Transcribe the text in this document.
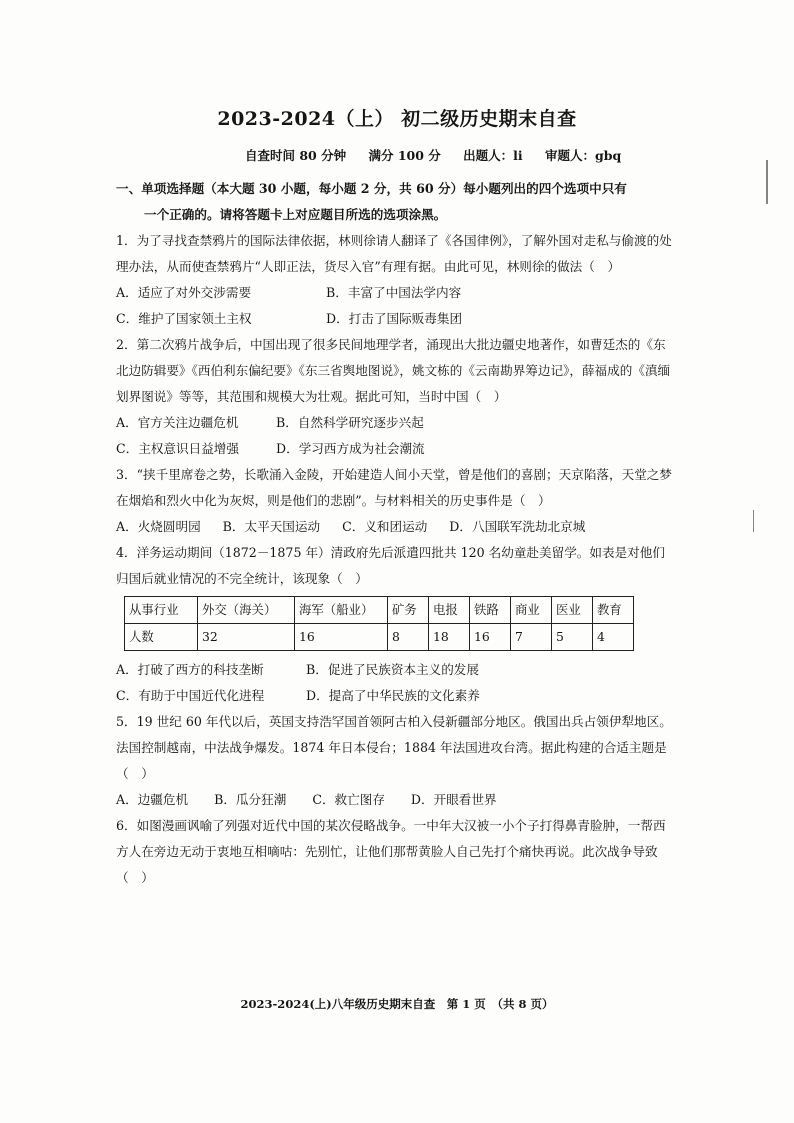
2023-2024（上） 初二级历史期末自查
自查时间 80 分钟 满分 100 分 出题人：li 审题人：gbq
一、单项选择题（本大题 30 小题，每小题 2 分，共 60 分）每小题列出的四个选项中只有
一个正确的。请将答题卡上对应题目所选的选项涂黑。

1．为了寻找查禁鸦片的国际法律依据，林则徐请人翻译了《各国律例》，了解外国对走私与偷渡的处理办法，从而使查禁鸦片“人即正法，货尽入官”有理有据。由此可见，林则徐的做法（　）

A．适应了对外交涉需要	B．丰富了中国法学内容
C．维护了国家领土主权	D．打击了国际贩毒集团

2．第二次鸦片战争后，中国出现了很多民间地理学者，涌现出大批边疆史地著作，如曹廷杰的《东北边防辑要》《西伯利东偏纪要》《东三省舆地图说》，姚文栋的《云南勘界筹边记》，薛福成的《滇缅划界图说》等等，其范围和规模大为壮观。据此可知，当时中国（　）

A．官方关注边疆危机	B．自然科学研究逐步兴起
C．主权意识日益增强	D．学习西方成为社会潮流

3．“挟千里席卷之势，长歌涌入金陵，开始建造人间小天堂，曾是他们的喜剧；天京陷落，天堂之梦在烟焰和烈火中化为灰烬，则是他们的悲剧”。与材料相关的历史事件是（　）

A．火烧圆明园 B．太平天国运动 C．义和团运动 D．八国联军洗劫北京城

4．洋务运动期间（1872－1875 年）清政府先后派遣四批共 120 名幼童赴美留学。如表是对他们归国后就业情况的不完全统计，该现象（　）

从事行业	外交（海关）	海军（船业）	矿务	电报	铁路	商业	医业	教育
人数	32	16	8	18	16	7	5	4
A．打破了西方的科技垄断	B．促进了民族资本主义的发展
C．有助于中国近代化进程	D．提高了中华民族的文化素养

5．19 世纪 60 年代以后，英国支持浩罕国首领阿古柏入侵新疆部分地区。俄国出兵占领伊犁地区。法国控制越南，中法战争爆发。1874 年日本侵台；1884 年法国进攻台湾。据此构建的合适主题是（　）

A．边疆危机 B．瓜分狂潮 C．救亡图存 D．开眼看世界

6．如图漫画讽喻了列强对近代中国的某次侵略战争。一中年大汉被一小个子打得鼻青脸肿，一帮西方人在旁边无动于衷地互相嘀咕：先别忙，让他们那帮黄脸人自己先打个痛快再说。此次战争导致（　）

2023-2024(上)八年级历史期末自查　第 1 页　（共 8 页）
